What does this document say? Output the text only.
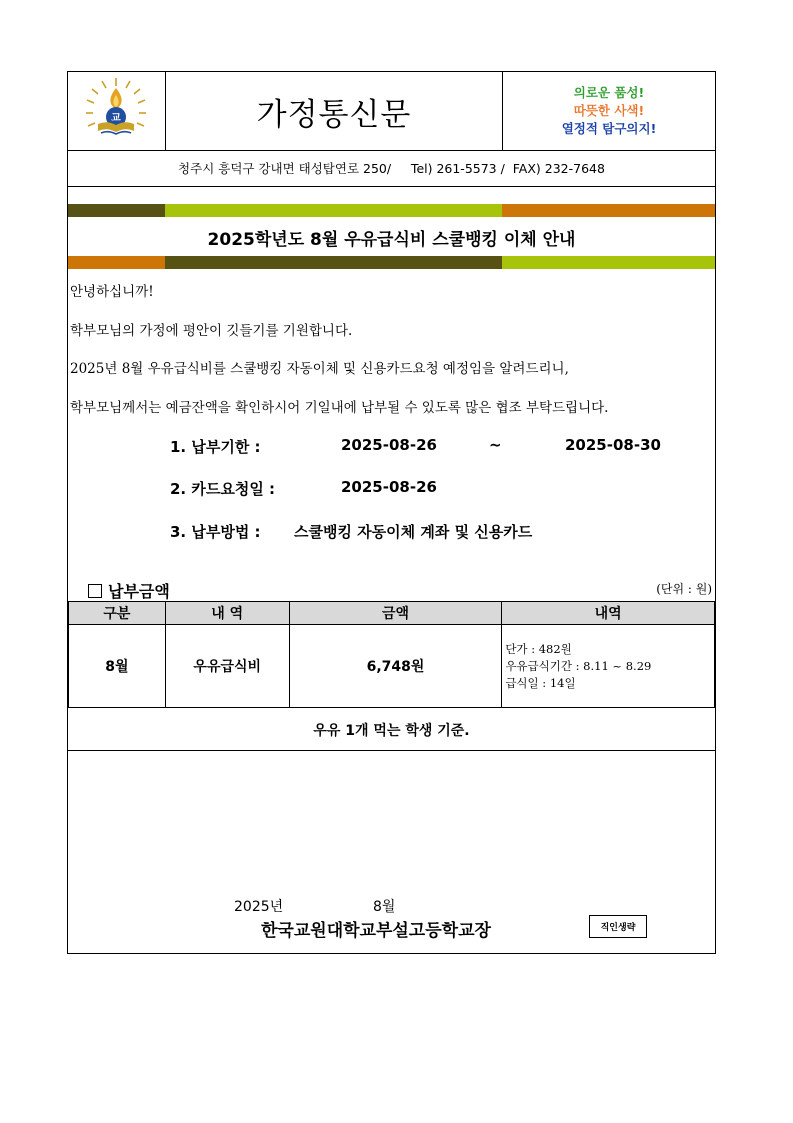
교	가정통신문
의로운 품성!
따뜻한 사색!
열정적 탐구의지!
청주시 흥덕구 강내면 태성탑연로 250/     Tel) 261-5573 /  FAX) 232-7648
2025학년도 8월 우유급식비 스쿨뱅킹 이체 안내
안녕하십니까!
학부모님의 가정에 평안이 깃들기를 기원합니다.
2025년 8월 우유급식비를 스쿨뱅킹 자동이체 및 신용카드요청 예정임을 알려드리니,
학부모님께서는 예금잔액을 확인하시어 기일내에 납부될 수 있도록 많은 협조 부탁드립니다.
1. 납부기한 :	2025-08-26	~	2025-08-30
2. 카드요청일 :	2025-08-26
3. 납부방법 : 스쿨뱅킹 자동이체 계좌 및 신용카드
납부금액	(단위 : 원)
구분	내 역	금액	내역
8월	우유급식비	6,748원	단가 : 482원
우유급식기간 : 8.11 ~ 8.29
급식일 : 14일
우유 1개 먹는 학생 기준.
2025년	8월
한국교원대학교부설고등학교장	직인생략
